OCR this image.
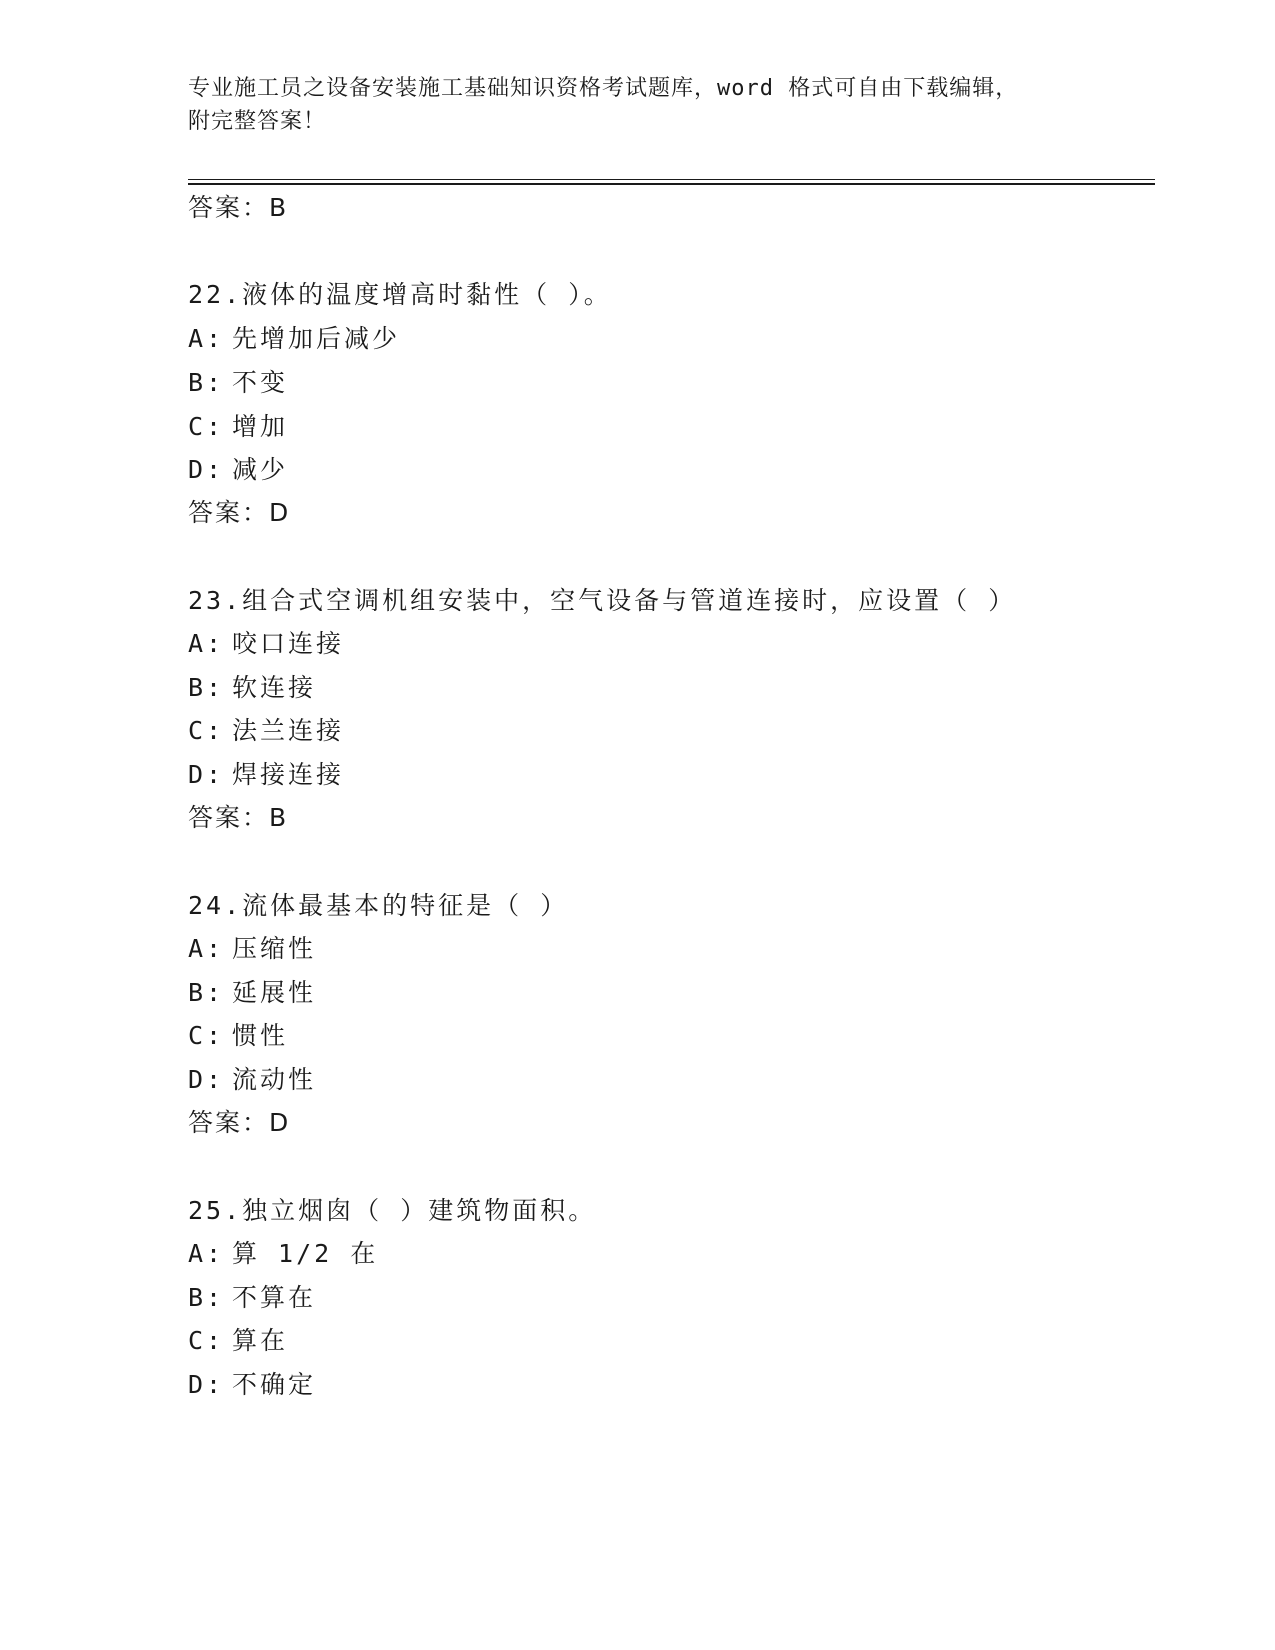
专业施工员之设备安装施工基础知识资格考试题库，word 格式可自由下载编辑，
附完整答案！
答案：B
22.液体的温度增高时黏性（ ）。
A: 先增加后减少
B: 不变
C: 增加
D: 减少
答案：D
23.组合式空调机组安装中，空气设备与管道连接时，应设置（ ）
A: 咬口连接
B: 软连接
C: 法兰连接
D: 焊接连接
答案：B
24.流体最基本的特征是（ ）
A: 压缩性
B: 延展性
C: 惯性
D: 流动性
答案：D
25.独立烟囱（ ）建筑物面积。
A: 算 1/2 在
B: 不算在
C: 算在
D: 不确定
